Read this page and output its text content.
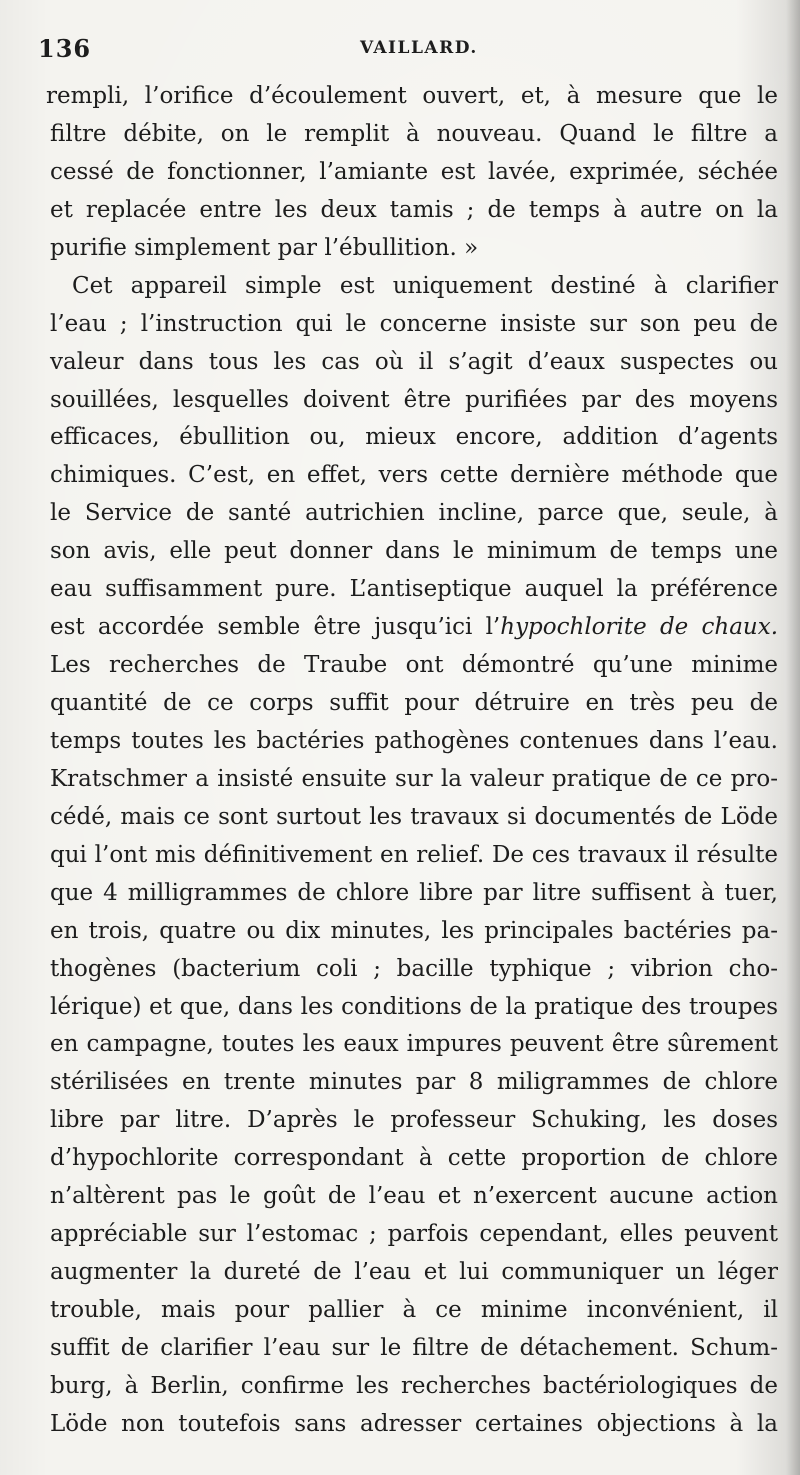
136	VAILLARD.
rempli, l’orifice d’écoulement ouvert, et, à mesure que le
filtre débite, on le remplit à nouveau. Quand le filtre a
cessé de fonctionner, l’amiante est lavée, exprimée, séchée
et replacée entre les deux tamis ; de temps à autre on la
purifie simplement par l’ébullition. »
Cet appareil simple est uniquement destiné à clarifier
l’eau ; l’instruction qui le concerne insiste sur son peu de
valeur dans tous les cas où il s’agit d’eaux suspectes ou
souillées, lesquelles doivent être purifiées par des moyens
efficaces, ébullition ou, mieux encore, addition d’agents
chimiques. C’est, en effet, vers cette dernière méthode que
le Service de santé autrichien incline, parce que, seule, à
son avis, elle peut donner dans le minimum de temps une
eau suffisamment pure. L’antiseptique auquel la préférence
est accordée semble être jusqu’ici l’hypochlorite de chaux.
Les recherches de Traube ont démontré qu’une minime
quantité de ce corps suffit pour détruire en très peu de
temps toutes les bactéries pathogènes contenues dans l’eau.
Kratschmer a insisté ensuite sur la valeur pratique de ce pro-
cédé, mais ce sont surtout les travaux si documentés de Löde
qui l’ont mis définitivement en relief. De ces travaux il résulte
que 4 milligrammes de chlore libre par litre suffisent à tuer,
en trois, quatre ou dix minutes, les principales bactéries pa-
thogènes (bacterium coli ; bacille typhique ; vibrion cho-
lérique) et que, dans les conditions de la pratique des troupes
en campagne, toutes les eaux impures peuvent être sûrement
stérilisées en trente minutes par 8 miligrammes de chlore
libre par litre. D’après le professeur Schuking, les doses
d’hypochlorite correspondant à cette proportion de chlore
n’altèrent pas le goût de l’eau et n’exercent aucune action
appréciable sur l’estomac ; parfois cependant, elles peuvent
augmenter la dureté de l’eau et lui communiquer un léger
trouble, mais pour pallier à ce minime inconvénient, il
suffit de clarifier l’eau sur le filtre de détachement. Schum-
burg, à Berlin, confirme les recherches bactériologiques de
Löde non toutefois sans adresser certaines objections à la
